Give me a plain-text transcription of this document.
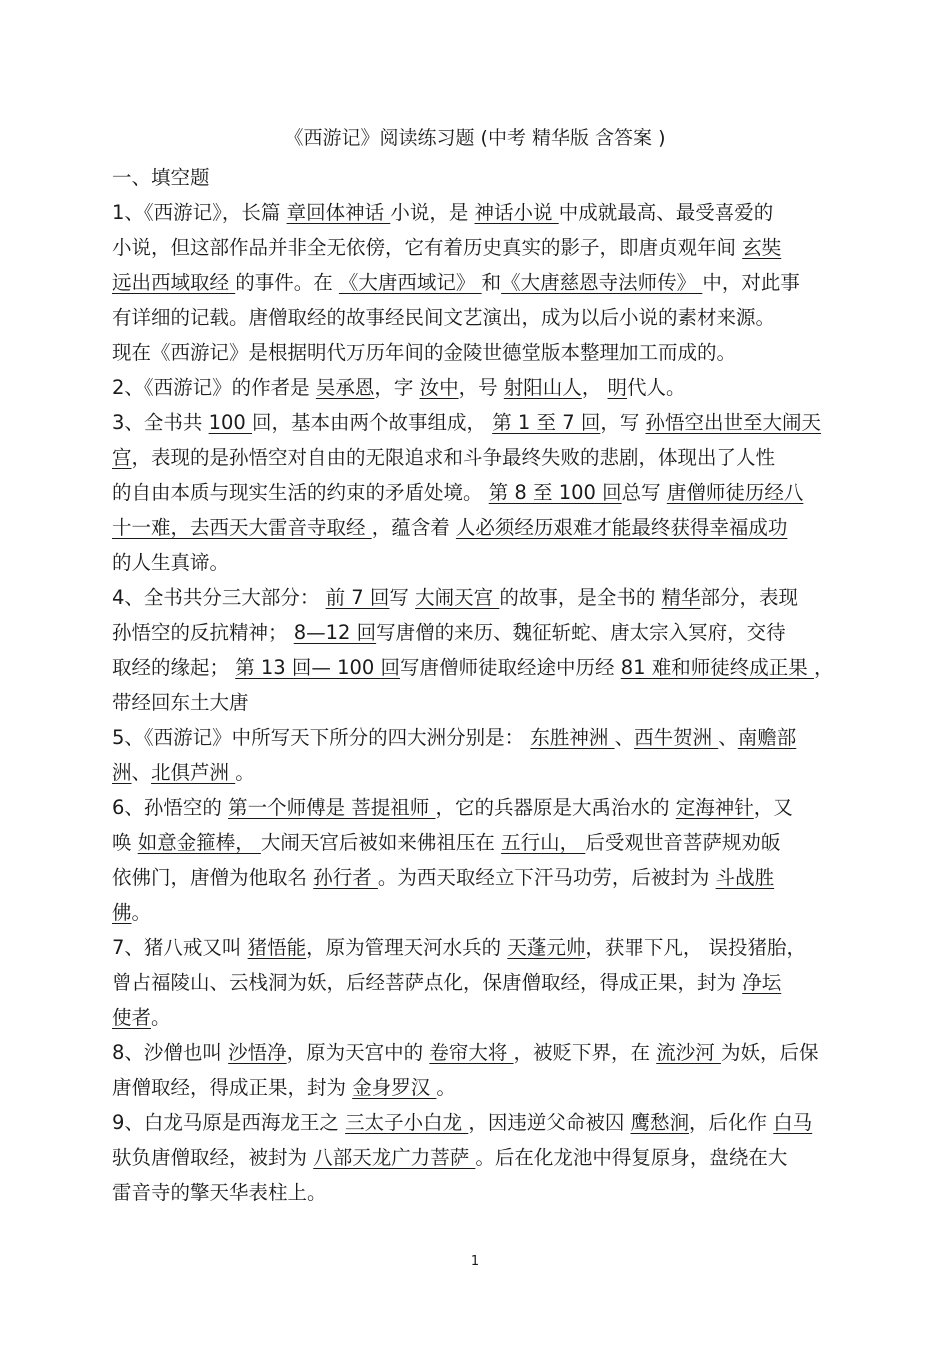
《西游记》阅读练习题 (中考 精华版 含答案 )
一、填空题
1、《西游记》，长篇 章回体神话 小说，是 神话小说 中成就最高、最受喜爱的
小说，但这部作品并非全无依傍，它有着历史真实的影子，即唐贞观年间 玄奘
远出西域取经 的事件。在 《大唐西域记》 和《大唐慈恩寺法师传》 中，对此事
有详细的记载。唐僧取经的故事经民间文艺演出，成为以后小说的素材来源。
现在《西游记》是根据明代万历年间的金陵世德堂版本整理加工而成的。
2、《西游记》的作者是 吴承恩，字 汝中，号 射阳山人， 明代人。
3、全书共 100 回，基本由两个故事组成， 第 1 至 7 回，写 孙悟空出世至大闹天
宫，表现的是孙悟空对自由的无限追求和斗争最终失败的悲剧，体现出了人性
的自由本质与现实生活的约束的矛盾处境。 第 8 至 100 回总写 唐僧师徒历经八
十一难，去西天大雷音寺取经 ，蕴含着 人必须经历艰难才能最终获得幸福成功
的人生真谛。
4、全书共分三大部分： 前 7 回写 大闹天宫 的故事，是全书的 精华部分，表现
孙悟空的反抗精神； 8—12 回写唐僧的来历、魏征斩蛇、唐太宗入冥府，交待
取经的缘起； 第 13 回— 100 回写唐僧师徒取经途中历经 81 难和师徒终成正果 ，
带经回东土大唐
5、《西游记》中所写天下所分的四大洲分别是： 东胜神洲 、西牛贺洲 、南赡部
洲、北俱芦洲 。
6、孙悟空的 第一个师傅是 菩提祖师 ，它的兵器原是大禹治水的 定海神针，又
唤 如意金箍棒， 大闹天宫后被如来佛祖压在 五行山， 后受观世音菩萨规劝皈
依佛门，唐僧为他取名 孙行者 。为西天取经立下汗马功劳，后被封为 斗战胜
佛。
7、猪八戒又叫 猪悟能，原为管理天河水兵的 天蓬元帅，获罪下凡， 误投猪胎，
曾占福陵山、云栈洞为妖，后经菩萨点化，保唐僧取经，得成正果，封为 净坛
使者。
8、沙僧也叫 沙悟净，原为天宫中的 卷帘大将 ，被贬下界，在 流沙河 为妖，后保
唐僧取经，得成正果，封为 金身罗汉 。
9、白龙马原是西海龙王之 三太子小白龙 ，因违逆父命被囚 鹰愁涧，后化作 白马
驮负唐僧取经，被封为 八部天龙广力菩萨 。后在化龙池中得复原身，盘绕在大
雷音寺的擎天华表柱上。
1
